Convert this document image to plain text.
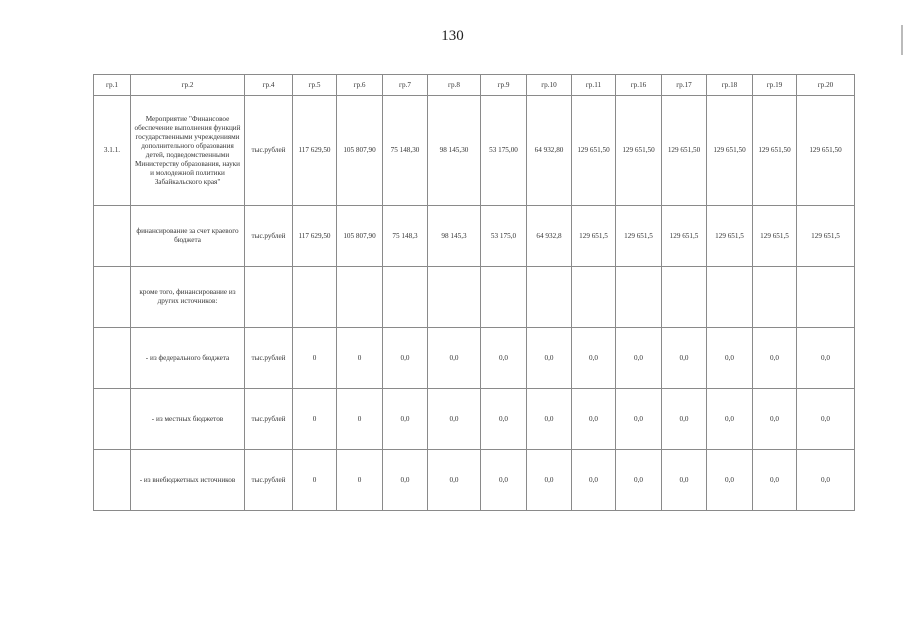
130
гр.1	гр.2	гр.4	гр.5	гр.6	гр.7	гр.8	гр.9	гр.10	гр.11	гр.16	гр.17	гр.18	гр.19	гр.20
3.1.1.	Мероприятие "Финансовое обеспечение выполнения функций государственными учреждениями дополнительного образования детей, подведомственными Министерству образования, науки и молодежной политики Забайкальского края"	тыс.рублей	117 629,50	105 807,90	75 148,30	98 145,30	53 175,00	64 932,80	129 651,50	129 651,50	129 651,50	129 651,50	129 651,50	129 651,50
	финансирование за счет краевого бюджета	тыс.рублей	117 629,50	105 807,90	75 148,3	98 145,3	53 175,0	64 932,8	129 651,5	129 651,5	129 651,5	129 651,5	129 651,5	129 651,5
	кроме того, финансирование из других источников:													
	- из федерального бюджета	тыс.рублей	0	0	0,0	0,0	0,0	0,0	0,0	0,0	0,0	0,0	0,0	0,0
	- из местных бюджетов	тыс.рублей	0	0	0,0	0,0	0,0	0,0	0,0	0,0	0,0	0,0	0,0	0,0
	- из внебюджетных источников	тыс.рублей	0	0	0,0	0,0	0,0	0,0	0,0	0,0	0,0	0,0	0,0	0,0
